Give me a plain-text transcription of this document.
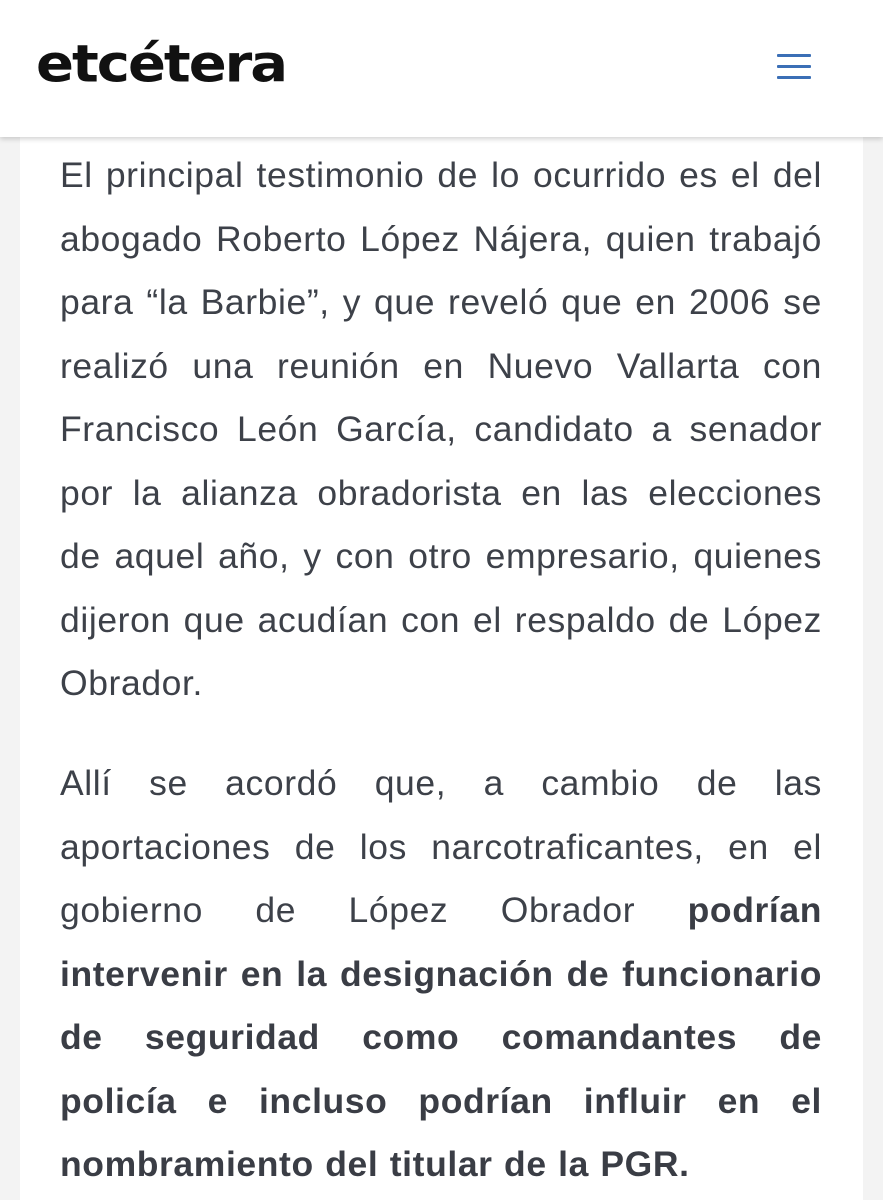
etcétera

El principal testimonio de lo ocurrido es el del abogado Roberto López Nájera, quien trabajó para “la Barbie”, y que reveló que en 2006 se realizó una reunión en Nuevo Vallarta con Francisco León García, candidato a senador por la alianza obradorista en las elecciones de aquel año, y con otro empresario, quienes dijeron que acudían con el respaldo de López Obrador.

Allí se acordó que, a cambio de las aportaciones de los narcotraficantes, en el gobierno de López Obrador podrían intervenir en la designación de funcionario de seguridad como comandantes de policía e incluso podrían influir en el nombramiento del titular de la PGR.
